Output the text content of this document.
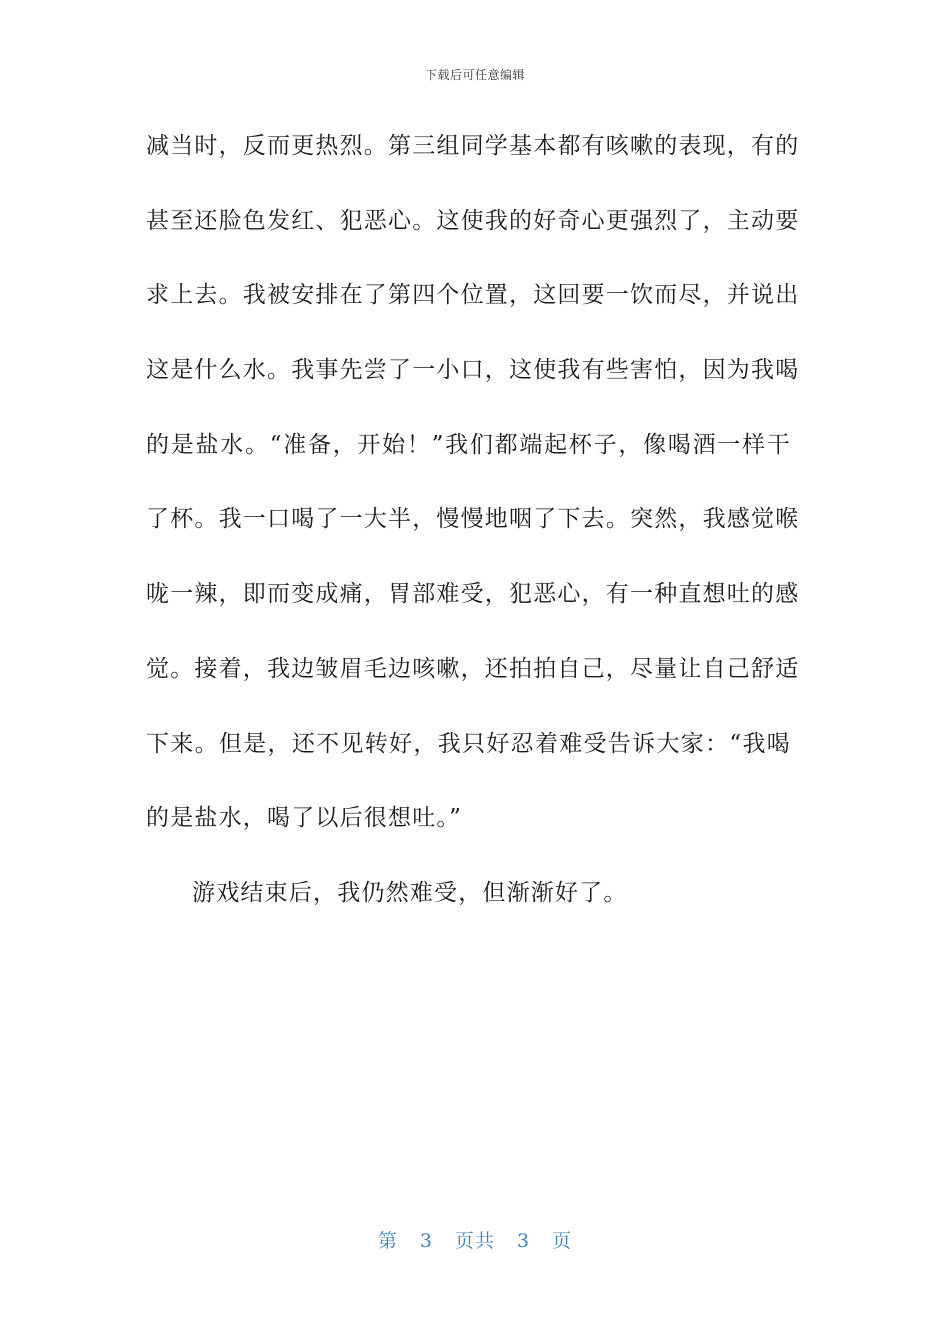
下载后可任意编辑
减当时，反而更热烈。第三组同学基本都有咳嗽的表现，有的
甚至还脸色发红、犯恶心。这使我的好奇心更强烈了，主动要
求上去。我被安排在了第四个位置，这回要一饮而尽，并说出
这是什么水。我事先尝了一小口，这使我有些害怕，因为我喝
的是盐水。“准备，开始！”我们都端起杯子，像喝酒一样干
了杯。我一口喝了一大半，慢慢地咽了下去。突然，我感觉喉
咙一辣，即而变成痛，胃部难受，犯恶心，有一种直想吐的感
觉。接着，我边皱眉毛边咳嗽，还拍拍自己，尽量让自己舒适
下来。但是，还不见转好，我只好忍着难受告诉大家：“我喝
的是盐水，喝了以后很想吐。”
游戏结束后，我仍然难受，但渐渐好了。
第 3 页共 3 页
